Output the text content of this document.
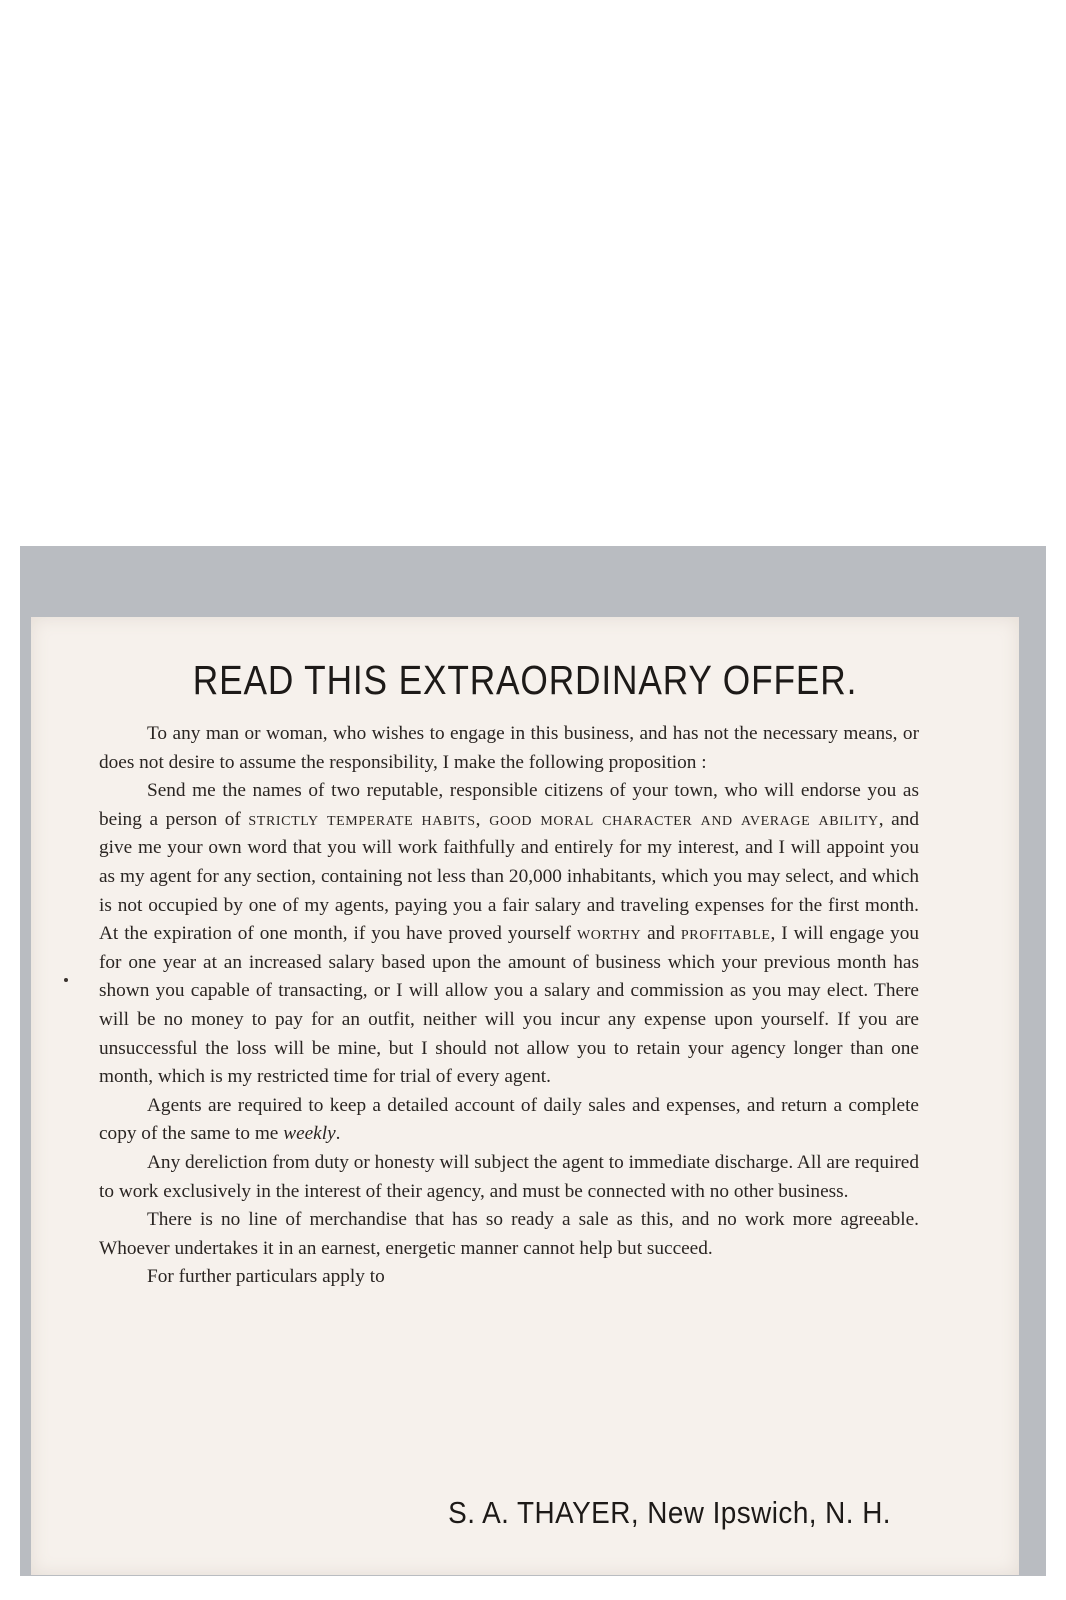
READ THIS EXTRAORDINARY OFFER.

To any man or woman, who wishes to engage in this business, and has not the necessary means, or does not desire to assume the responsibility, I make the following proposition :

Send me the names of two reputable, responsible citizens of your town, who will endorse you as being a person of strictly temperate habits, good moral character and average ability, and give me your own word that you will work faithfully and entirely for my interest, and I will appoint you as my agent for any section, containing not less than 20,000 inhabitants, which you may select, and which is not occupied by one of my agents, paying you a fair salary and traveling expenses for the first month. At the expiration of one month, if you have proved yourself worthy and profitable, I will engage you for one year at an increased salary based upon the amount of business which your previous month has shown you capable of transacting, or I will allow you a salary and commission as you may elect. There will be no money to pay for an outfit, neither will you incur any expense upon yourself. If you are unsuccessful the loss will be mine, but I should not allow you to retain your agency longer than one month, which is my restricted time for trial of every agent.

Agents are required to keep a detailed account of daily sales and expenses, and return a complete copy of the same to me weekly.

Any dereliction from duty or honesty will subject the agent to immediate discharge. All are required to work exclusively in the interest of their agency, and must be connected with no other business.

There is no line of merchandise that has so ready a sale as this, and no work more agreeable. Whoever undertakes it in an earnest, energetic manner cannot help but succeed.

For further particulars apply to

S. A. THAYER, New Ipswich, N. H.
